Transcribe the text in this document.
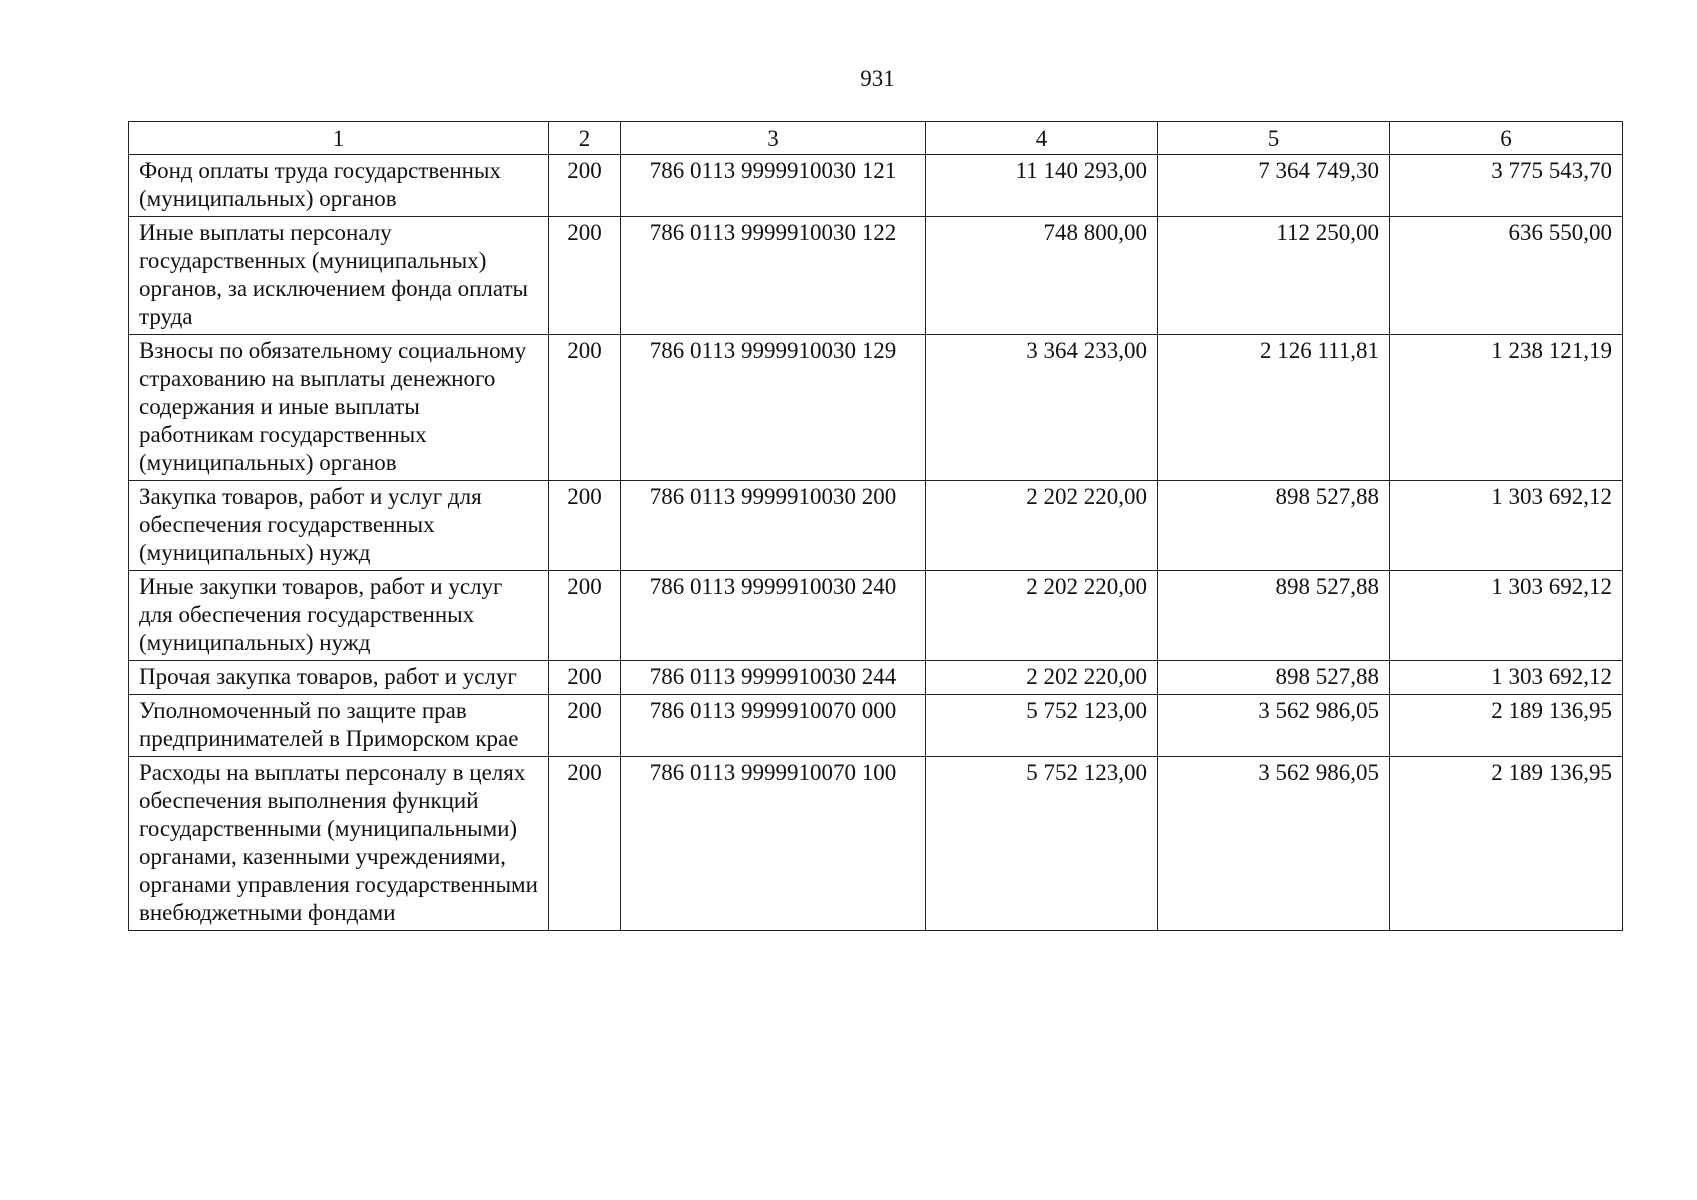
931
1	2	3	4	5	6
Фонд оплаты труда государственных (муниципальных) органов	200	786 0113 9999910030 121	11 140 293,00	7 364 749,30	3 775 543,70
Иные выплаты персоналу государственных (муниципальных) органов, за исключением фонда оплаты труда	200	786 0113 9999910030 122	748 800,00	112 250,00	636 550,00
Взносы по обязательному социальному страхованию на выплаты денежного содержания и иные выплаты работникам государственных (муниципальных) органов	200	786 0113 9999910030 129	3 364 233,00	2 126 111,81	1 238 121,19
Закупка товаров, работ и услуг для обеспечения государственных (муниципальных) нужд	200	786 0113 9999910030 200	2 202 220,00	898 527,88	1 303 692,12
Иные закупки товаров, работ и услуг для обеспечения государственных (муниципальных) нужд	200	786 0113 9999910030 240	2 202 220,00	898 527,88	1 303 692,12
Прочая закупка товаров, работ и услуг	200	786 0113 9999910030 244	2 202 220,00	898 527,88	1 303 692,12
Уполномоченный по защите прав предпринимателей в Приморском крае	200	786 0113 9999910070 000	5 752 123,00	3 562 986,05	2 189 136,95
Расходы на выплаты персоналу в целях обеспечения выполнения функций государственными (муниципальными) органами, казенными учреждениями, органами управления государственными внебюджетными фондами	200	786 0113 9999910070 100	5 752 123,00	3 562 986,05	2 189 136,95
